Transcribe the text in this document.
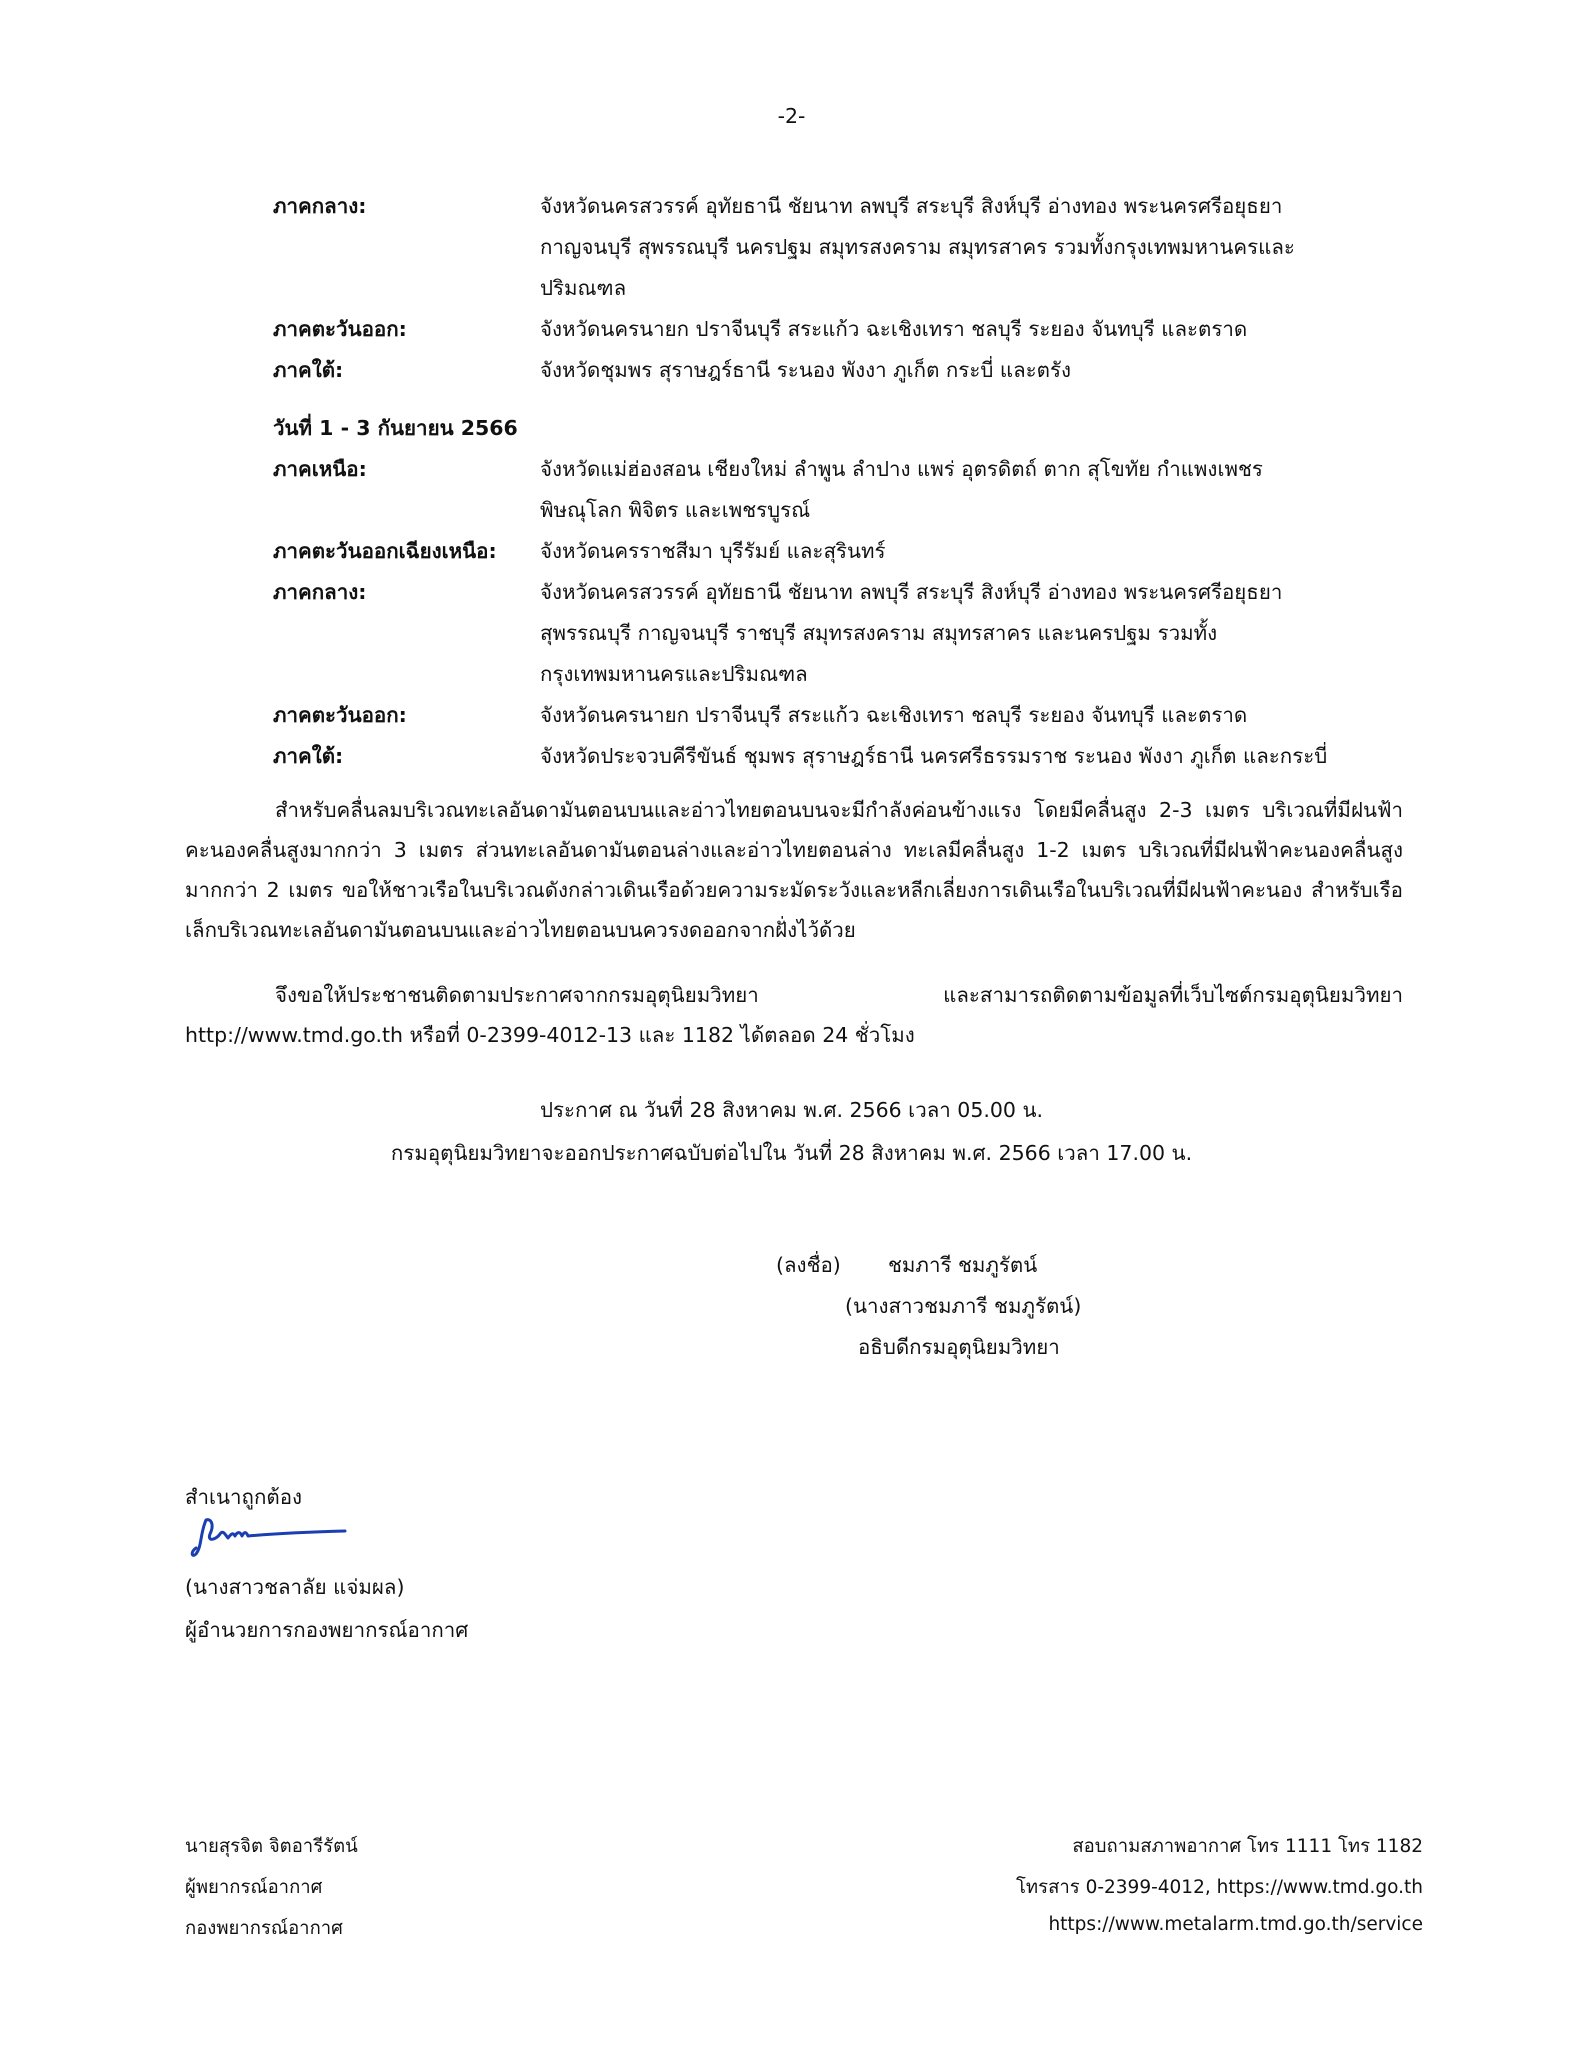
-2-
ภาคกลาง:	จังหวัดนครสวรรค์ อุทัยธานี ชัยนาท ลพบุรี สระบุรี สิงห์บุรี อ่างทอง พระนครศรีอยุธยา
กาญจนบุรี สุพรรณบุรี นครปฐม สมุทรสงคราม สมุทรสาคร รวมทั้งกรุงเทพมหานครและ
ปริมณฑล
ภาคตะวันออก:	จังหวัดนครนายก ปราจีนบุรี สระแก้ว ฉะเชิงเทรา ชลบุรี ระยอง จันทบุรี และตราด
ภาคใต้:	จังหวัดชุมพร สุราษฎร์ธานี ระนอง พังงา ภูเก็ต กระบี่ และตรัง
วันที่ 1 - 3 กันยายน 2566
ภาคเหนือ:	จังหวัดแม่ฮ่องสอน เชียงใหม่ ลำพูน ลำปาง แพร่ อุตรดิตถ์ ตาก สุโขทัย กำแพงเพชร
พิษณุโลก พิจิตร และเพชรบูรณ์
ภาคตะวันออกเฉียงเหนือ: จังหวัดนครราชสีมา บุรีรัมย์ และสุรินทร์
ภาคกลาง:	จังหวัดนครสวรรค์ อุทัยธานี ชัยนาท ลพบุรี สระบุรี สิงห์บุรี อ่างทอง พระนครศรีอยุธยา
สุพรรณบุรี กาญจนบุรี ราชบุรี สมุทรสงคราม สมุทรสาคร และนครปฐม รวมทั้ง
กรุงเทพมหานครและปริมณฑล
ภาคตะวันออก:	จังหวัดนครนายก ปราจีนบุรี สระแก้ว ฉะเชิงเทรา ชลบุรี ระยอง จันทบุรี และตราด
ภาคใต้:	จังหวัดประจวบคีรีขันธ์ ชุมพร สุราษฎร์ธานี นครศรีธรรมราช ระนอง พังงา ภูเก็ต และกระบี่
สำหรับคลื่นลมบริเวณทะเลอันดามันตอนบนและอ่าวไทยตอนบนจะมีกำลังค่อนข้างแรง โดยมีคลื่นสูง 2-3 เมตร บริเวณที่มีฝนฟ้าคะนองคลื่นสูงมากกว่า 3 เมตร ส่วนทะเลอันดามันตอนล่างและอ่าวไทยตอนล่าง ทะเลมีคลื่นสูง 1-2 เมตร บริเวณที่มีฝนฟ้าคะนองคลื่นสูงมากกว่า 2 เมตร ขอให้ชาวเรือในบริเวณดังกล่าวเดินเรือด้วยความระมัดระวังและหลีกเลี่ยงการเดินเรือในบริเวณที่มีฝนฟ้าคะนอง สำหรับเรือเล็กบริเวณทะเลอันดามันตอนบนและอ่าวไทยตอนบนควรงดออกจากฝั่งไว้ด้วย
จึงขอให้ประชาชนติดตามประกาศจากกรมอุตุนิยมวิทยา และสามารถติดตามข้อมูลที่เว็บไซต์กรมอุตุนิยมวิทยา http://www.tmd.go.th หรือที่ 0-2399-4012-13 และ 1182 ได้ตลอด 24 ชั่วโมง
ประกาศ ณ วันที่ 28 สิงหาคม พ.ศ. 2566 เวลา 05.00 น.
กรมอุตุนิยมวิทยาจะออกประกาศฉบับต่อไปใน วันที่ 28 สิงหาคม พ.ศ. 2566 เวลา 17.00 น.
(ลงชื่อ) ชมภารี ชมภูรัตน์
(นางสาวชมภารี ชมภูรัตน์)
อธิบดีกรมอุตุนิยมวิทยา
สำเนาถูกต้อง
(นางสาวชลาลัย แจ่มผล)
ผู้อำนวยการกองพยากรณ์อากาศ
นายสุรจิต จิตอารีรัตน์
ผู้พยากรณ์อากาศ
กองพยากรณ์อากาศ
สอบถามสภาพอากาศ โทร 1111 โทร 1182
โทรสาร 0-2399-4012, https://www.tmd.go.th
https://www.metalarm.tmd.go.th/service
